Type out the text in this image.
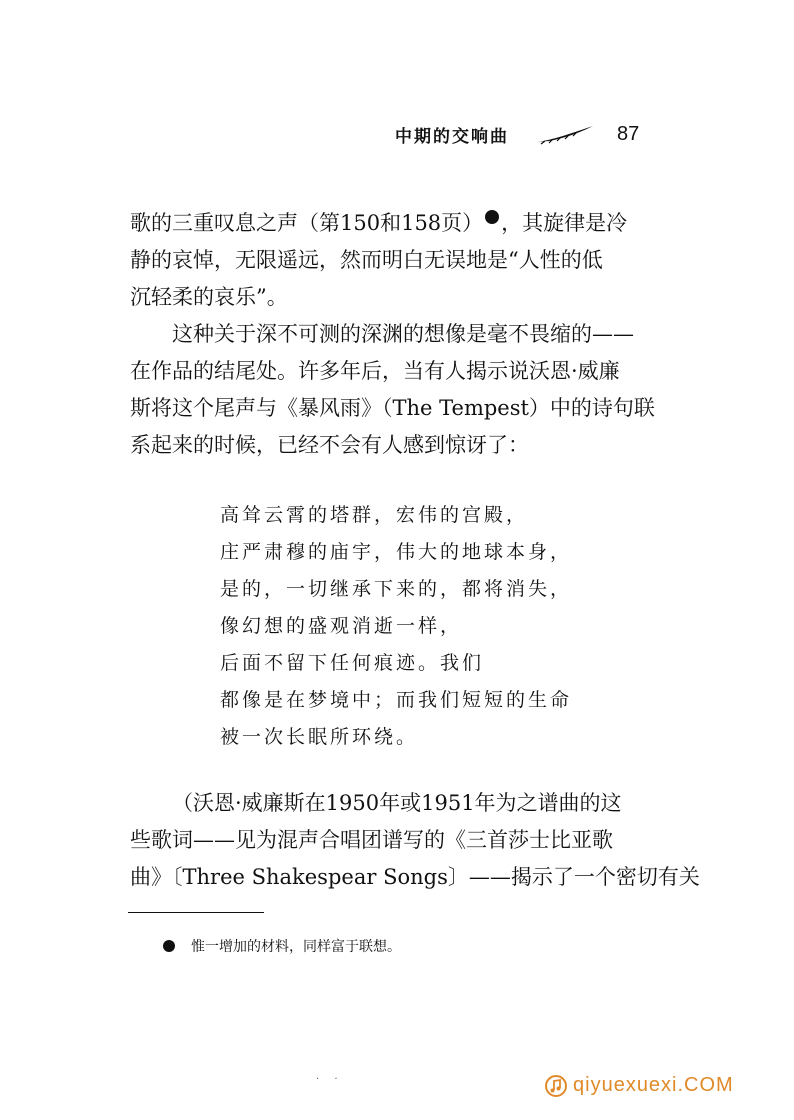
中期的交响曲	87
歌的三重叹息之声（第150和158页） ，其旋律是冷
静的哀悼，无限遥远，然而明白无误地是“人性的低
沉轻柔的哀乐”。
这种关于深不可测的深渊的想像是毫不畏缩的——
在作品的结尾处。许多年后，当有人揭示说沃恩·威廉
斯将这个尾声与《暴风雨》（The Tempest）中的诗句联
系起来的时候，已经不会有人感到惊讶了：
高耸云霄的塔群，宏伟的宫殿，
庄严肃穆的庙宇，伟大的地球本身，
是的，一切继承下来的，都将消失，
像幻想的盛观消逝一样，
后面不留下任何痕迹。我们
都像是在梦境中；而我们短短的生命
被一次长眠所环绕。
（沃恩·威廉斯在1950年或1951年为之谱曲的这
些歌词——见为混声合唱团谱写的《三首莎士比亚歌
曲》〔Three Shakespear Songs〕——揭示了一个密切有关
惟一增加的材料，同样富于联想。
· ·	qiyuexuexi.COM
